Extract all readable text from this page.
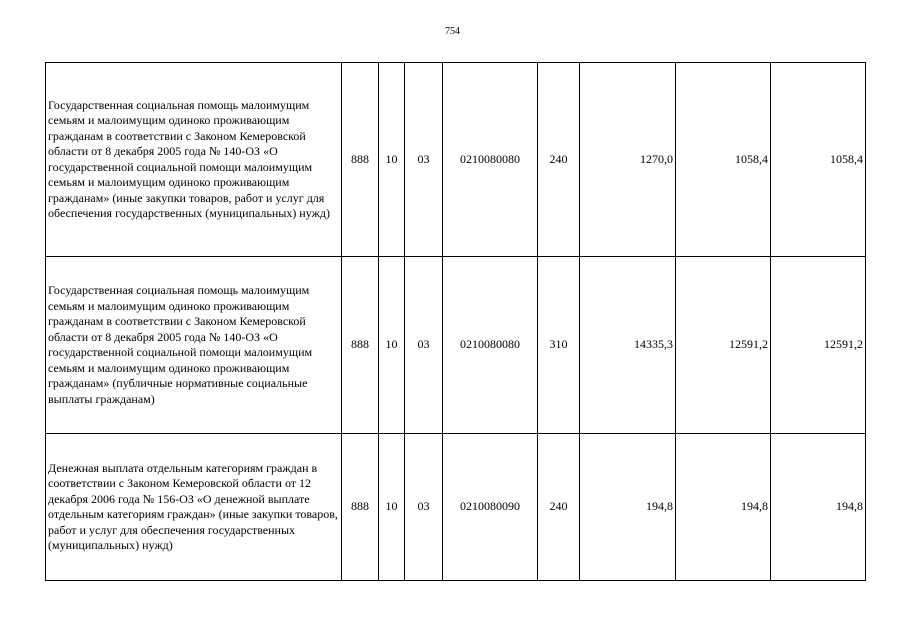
754
Государственная социальная помощь малоимущим семьям и малоимущим одиноко проживающим гражданам в соответствии с Законом Кемеровской области от 8 декабря 2005 года № 140-ОЗ «О государственной социальной помощи малоимущим семьям и малоимущим одиноко проживающим гражданам» (иные закупки товаров, работ и услуг для обеспечения государственных (муниципальных) нужд)	888	10	03	0210080080	240	1270,0	1058,4	1058,4
Государственная социальная помощь малоимущим семьям и малоимущим одиноко проживающим гражданам в соответствии с Законом Кемеровской области от 8 декабря 2005 года № 140-ОЗ «О государственной социальной помощи малоимущим семьям и малоимущим одиноко проживающим гражданам» (публичные нормативные социальные выплаты гражданам)	888	10	03	0210080080	310	14335,3	12591,2	12591,2
Денежная выплата отдельным категориям граждан в соответствии с Законом Кемеровской области от 12 декабря 2006 года № 156-ОЗ «О денежной выплате отдельным категориям граждан» (иные закупки товаров, работ и услуг для обеспечения государственных (муниципальных) нужд)	888	10	03	0210080090	240	194,8	194,8	194,8
